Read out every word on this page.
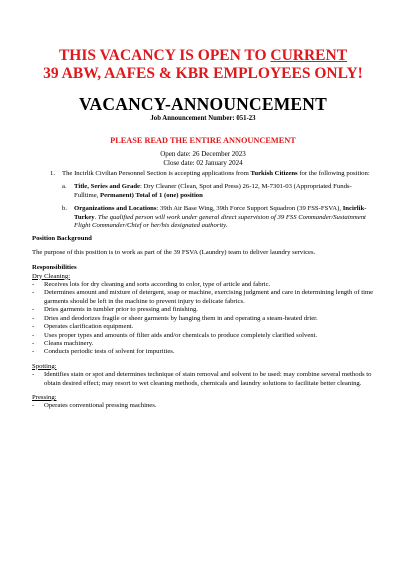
THIS VACANCY IS OPEN TO CURRENT
39 ABW, AAFES & KBR EMPLOYEES ONLY!
VACANCY-ANNOUNCEMENT
Job Announcement Number: 051-23
PLEASE READ THE ENTIRE ANNOUNCEMENT
Open date: 26 December 2023
Close date: 02 January 2024
1.	The Incirlik Civilian Personnel Section is accepting applications from Turkish Citizens for the following position:
a.	Title, Series and Grade: Dry Cleaner (Clean, Spot and Press) 26-12, M-7301-03 (Appropriated Funds-Fulltime, Permanent) Total of 1 (one) position
b.	Organizations and Locations: 39th Air Base Wing, 39th Force Support Squadron (39 FSS-FSVA), Incirlik-Turkey. The qualified person will work under general direct supervision of 39 FSS Commander/Sustainment Flight Commander/Chief or her/his designated authority.
Position Background
The purpose of this position is to work as part of the 39 FSVA (Laundry) team to deliver laundry services.
Responsibilities
Dry Cleaning:
-	Receives lots for dry cleaning and sorts according to color, type of article and fabric.
-	Determines amount and mixture of detergent, soap or machine, exercising judgment and care in determining length of time garments should be left in the machine to prevent injury to delicate fabrics.
-	Dries garments in tumbler prior to pressing and finishing.
-	Dries and deodorizes fragile or sheer garments by hanging them in and operating a steam-heated drier.
-	Operates clarification equipment.
-	Uses proper types and amounts of filter aids and/or chemicals to produce completely clarified solvent.
-	Cleans machinery.
-	Conducts periodic tests of solvent for impurities.
Spotting:
-	Identifies stain or spot and determines technique of stain removal and solvent to be used: may combine several methods to obtain desired effect; may resort to wet cleaning methods, chemicals and laundry solutions to facilitate better cleaning.
Pressing:
-	Operates conventional pressing machines.
